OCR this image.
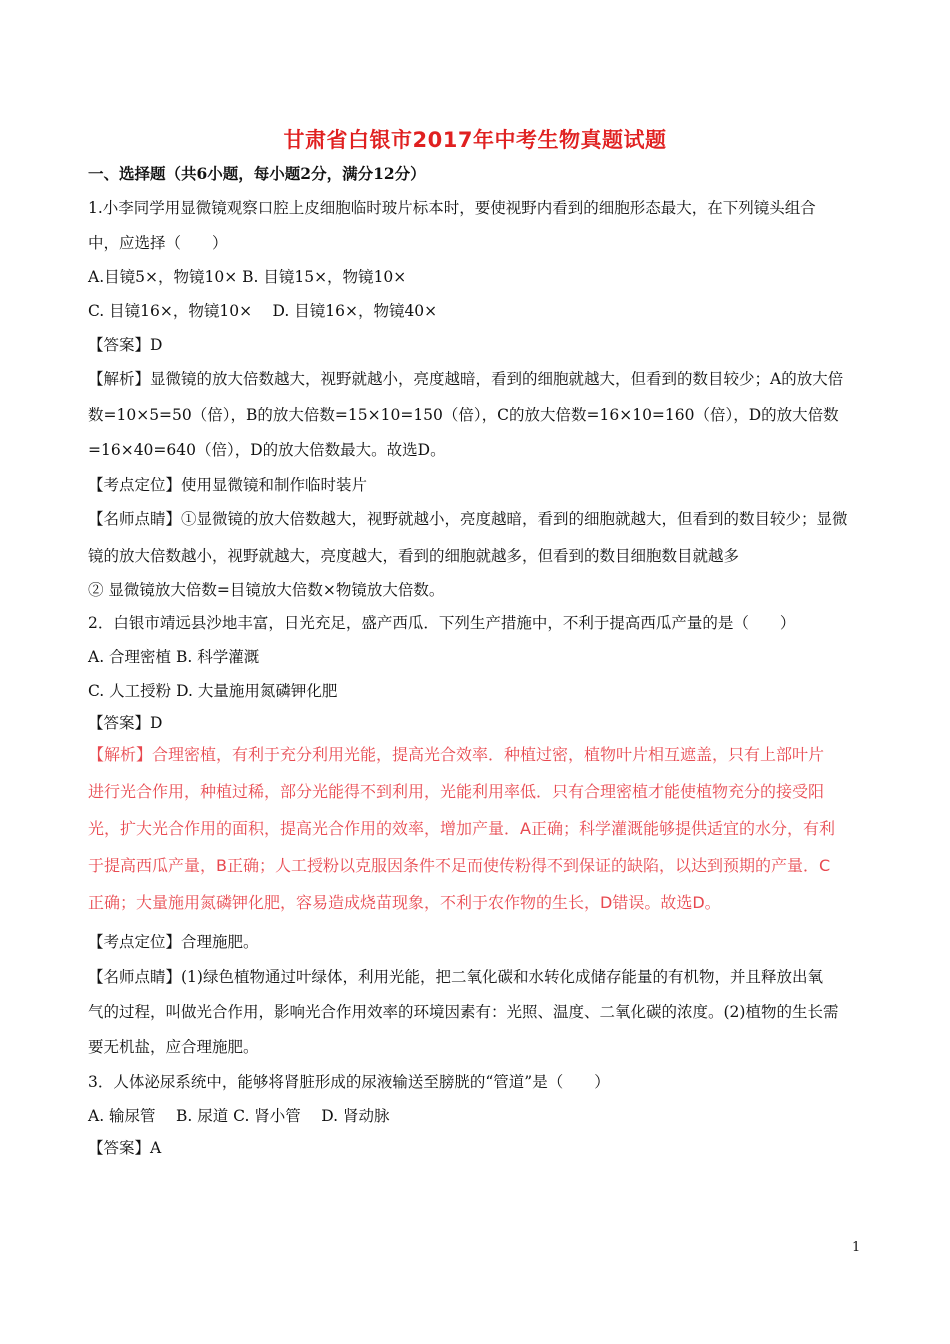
甘肃省白银市2017年中考生物真题试题
一、选择题（共6小题，每小题2分，满分12分）
1.小李同学用显微镜观察口腔上皮细胞临时玻片标本时，要使视野内看到的细胞形态最大，在下列镜头组合
中，应选择（　　）
A.目镜5×，物镜10× B. 目镜15×，物镜10×
C. 目镜16×，物镜10×　 D. 目镜16×，物镜40×
【答案】D
【解析】显微镜的放大倍数越大，视野就越小，亮度越暗，看到的细胞就越大，但看到的数目较少；A的放大倍
数=10×5=50（倍），B的放大倍数=15×10=150（倍），C的放大倍数=16×10=160（倍），D的放大倍数
=16×40=640（倍），D的放大倍数最大。故选D。
【考点定位】使用显微镜和制作临时装片
【名师点睛】①显微镜的放大倍数越大，视野就越小，亮度越暗，看到的细胞就越大，但看到的数目较少；显微
镜的放大倍数越小，视野就越大，亮度越大，看到的细胞就越多，但看到的数目细胞数目就越多
② 显微镜放大倍数=目镜放大倍数×物镜放大倍数。
2．白银市靖远县沙地丰富，日光充足，盛产西瓜．下列生产措施中，不利于提高西瓜产量的是（　　）
A. 合理密植 B. 科学灌溉
C. 人工授粉 D. 大量施用氮磷钾化肥
【答案】D
【解析】合理密植，有利于充分利用光能，提高光合效率．种植过密，植物叶片相互遮盖，只有上部叶片
进行光合作用，种植过稀，部分光能得不到利用，光能利用率低．只有合理密植才能使植物充分的接受阳
光，扩大光合作用的面积，提高光合作用的效率，增加产量．A正确；科学灌溉能够提供适宜的水分，有利
于提高西瓜产量，B正确；人工授粉以克服因条件不足而使传粉得不到保证的缺陷，以达到预期的产量．C
正确；大量施用氮磷钾化肥，容易造成烧苗现象，不利于农作物的生长，D错误。故选D。
【考点定位】合理施肥。
【名师点睛】(1)绿色植物通过叶绿体，利用光能，把二氧化碳和水转化成储存能量的有机物，并且释放出氧
气的过程，叫做光合作用，影响光合作用效率的环境因素有：光照、温度、二氧化碳的浓度。(2)植物的生长需
要无机盐，应合理施肥。
3．人体泌尿系统中，能够将肾脏形成的尿液输送至膀胱的“管道”是（　　）
A. 输尿管　 B. 尿道 C. 肾小管　 D. 肾动脉
【答案】A
1
